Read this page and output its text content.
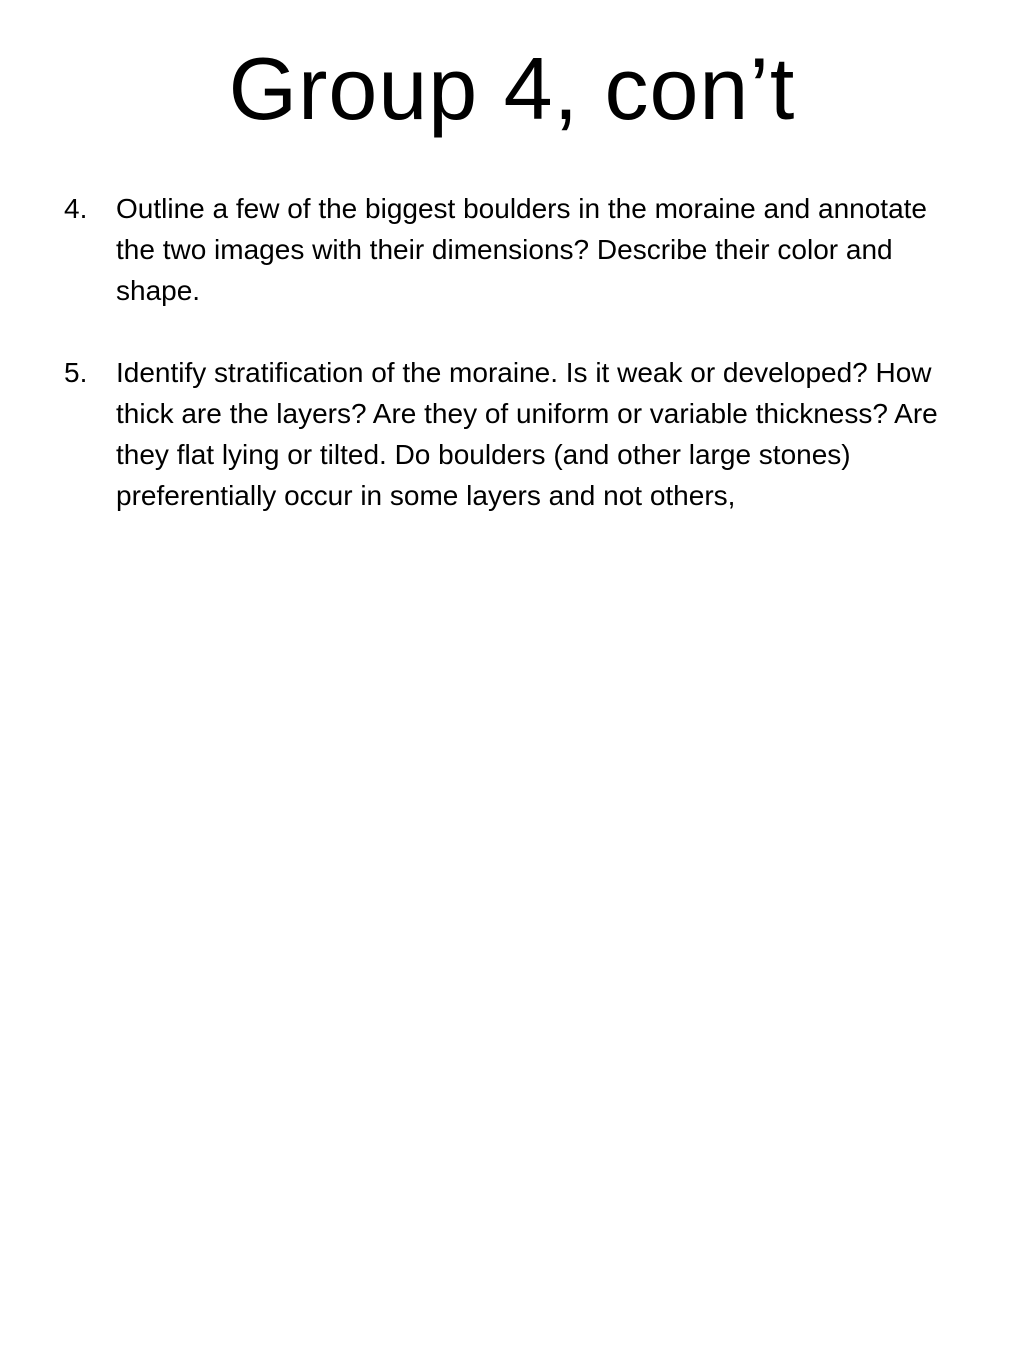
Group 4, con’t
4. Outline a few of the biggest boulders in the moraine and annotate the two images with their dimensions? Describe their color and shape.
5. Identify stratification of the moraine. Is it weak or developed? How thick are the layers? Are they of uniform or variable thickness? Are they flat lying or tilted. Do boulders (and other large stones) preferentially occur in some layers and not others,
